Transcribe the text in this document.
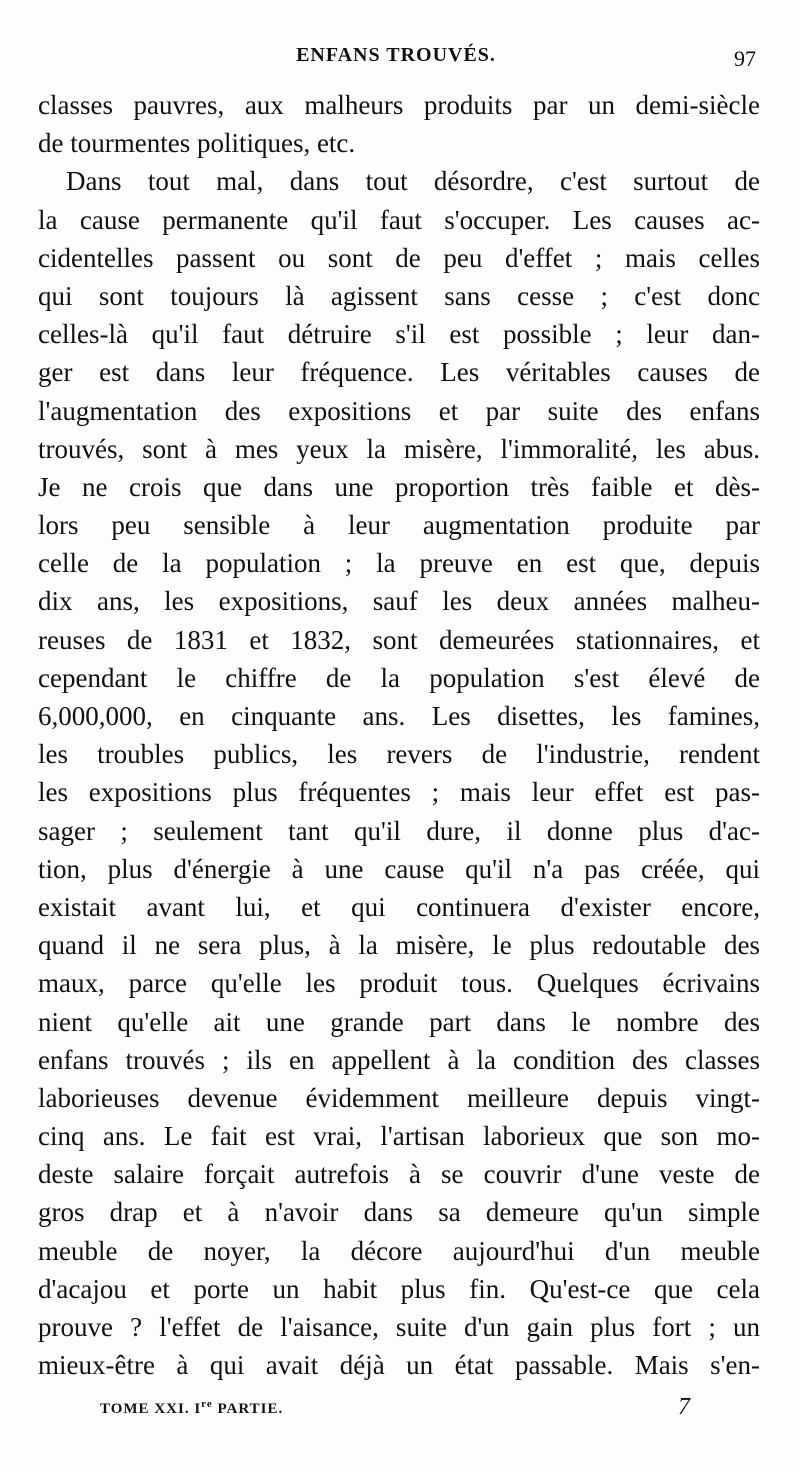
ENFANS TROUVÉS.	97
classes pauvres, aux malheurs produits par un demi-siècle
de tourmentes politiques, etc.
Dans tout mal, dans tout désordre, c'est surtout de
la cause permanente qu'il faut s'occuper. Les causes ac-
cidentelles passent ou sont de peu d'effet ; mais celles
qui sont toujours là agissent sans cesse ; c'est donc
celles-là qu'il faut détruire s'il est possible ; leur dan-
ger est dans leur fréquence. Les véritables causes de
l'augmentation des expositions et par suite des enfans
trouvés, sont à mes yeux la misère, l'immoralité, les abus.
Je ne crois que dans une proportion très faible et dès-
lors peu sensible à leur augmentation produite par
celle de la population ; la preuve en est que, depuis
dix ans, les expositions, sauf les deux années malheu-
reuses de 1831 et 1832, sont demeurées stationnaires, et
cependant le chiffre de la population s'est élevé de
6,000,000, en cinquante ans. Les disettes, les famines,
les troubles publics, les revers de l'industrie, rendent
les expositions plus fréquentes ; mais leur effet est pas-
sager ; seulement tant qu'il dure, il donne plus d'ac-
tion, plus d'énergie à une cause qu'il n'a pas créée, qui
existait avant lui, et qui continuera d'exister encore,
quand il ne sera plus, à la misère, le plus redoutable des
maux, parce qu'elle les produit tous. Quelques écrivains
nient qu'elle ait une grande part dans le nombre des
enfans trouvés ; ils en appellent à la condition des classes
laborieuses devenue évidemment meilleure depuis vingt-
cinq ans. Le fait est vrai, l'artisan laborieux que son mo-
deste salaire forçait autrefois à se couvrir d'une veste de
gros drap et à n'avoir dans sa demeure qu'un simple
meuble de noyer, la décore aujourd'hui d'un meuble
d'acajou et porte un habit plus fin. Qu'est-ce que cela
prouve ? l'effet de l'aisance, suite d'un gain plus fort ; un
mieux-être à qui avait déjà un état passable. Mais s'en-
TOME XXI. Ire PARTIE.	7
